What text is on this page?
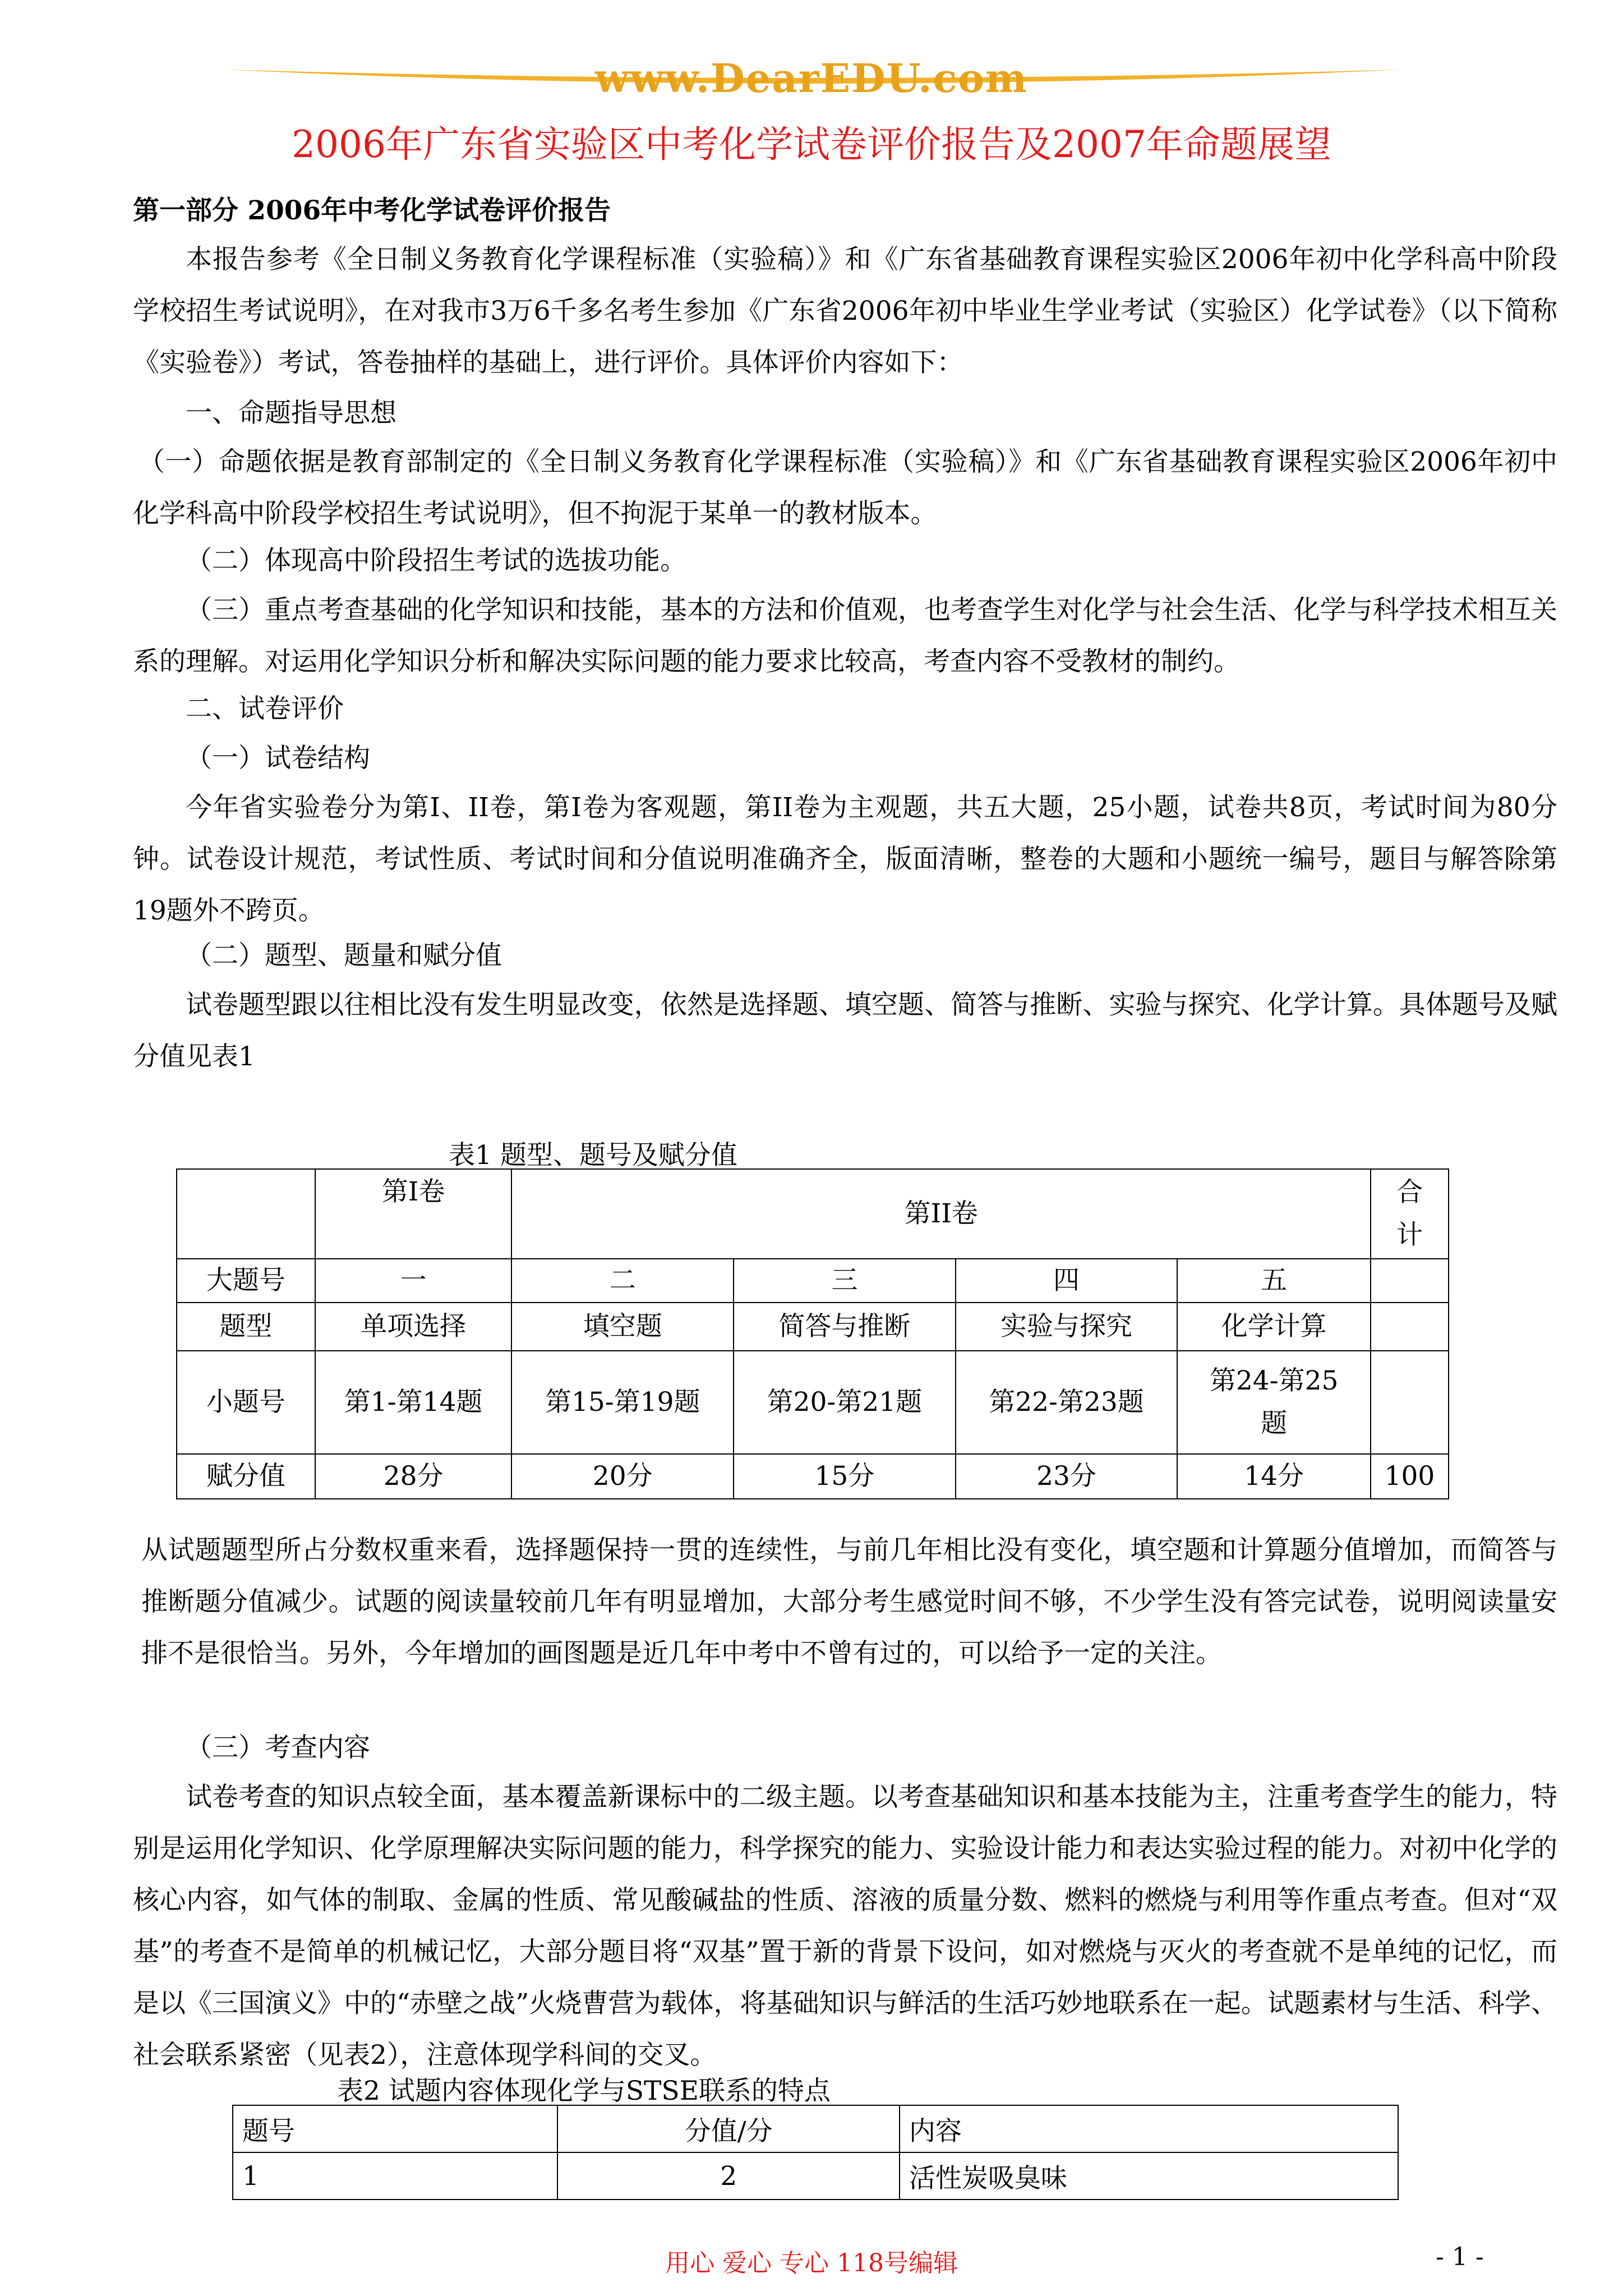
www.DearEDU.com
2006年广东省实验区中考化学试卷评价报告及2007年命题展望
第一部分 2006年中考化学试卷评价报告
本报告参考《全日制义务教育化学课程标准（实验稿）》和《广东省基础教育课程实验区2006年初中化学科高中阶段学校招生考试说明》，在对我市3万6千多名考生参加《广东省2006年初中毕业生学业考试（实验区）化学试卷》（以下简称《实验卷》）考试，答卷抽样的基础上，进行评价。具体评价内容如下：
一、命题指导思想
（一）命题依据是教育部制定的《全日制义务教育化学课程标准（实验稿）》和《广东省基础教育课程实验区2006年初中化学科高中阶段学校招生考试说明》，但不拘泥于某单一的教材版本。
（二）体现高中阶段招生考试的选拔功能。
（三）重点考查基础的化学知识和技能，基本的方法和价值观，也考查学生对化学与社会生活、化学与科学技术相互关系的理解。对运用化学知识分析和解决实际问题的能力要求比较高，考查内容不受教材的制约。
二、试卷评价
（一）试卷结构
今年省实验卷分为第I、II卷，第I卷为客观题，第II卷为主观题，共五大题，25小题，试卷共8页，考试时间为80分钟。试卷设计规范，考试性质、考试时间和分值说明准确齐全，版面清晰，整卷的大题和小题统一编号，题目与解答除第19题外不跨页。
（二）题型、题量和赋分值
试卷题型跟以往相比没有发生明显改变，依然是选择题、填空题、简答与推断、实验与探究、化学计算。具体题号及赋分值见表1
表1 题型、题号及赋分值
	第I卷	第II卷				合
计
大题号	一	二	三	四	五	
题型	单项选择	填空题	简答与推断	实验与探究	化学计算	
小题号	第1-第14题	第15-第19题	第20-第21题	第22-第23题	第24-第25
题	
赋分值	28分	20分	15分	23分	14分	100
从试题题型所占分数权重来看，选择题保持一贯的连续性，与前几年相比没有变化，填空题和计算题分值增加，而简答与推断题分值减少。试题的阅读量较前几年有明显增加，大部分考生感觉时间不够，不少学生没有答完试卷，说明阅读量安排不是很恰当。另外，今年增加的画图题是近几年中考中不曾有过的，可以给予一定的关注。
（三）考查内容
试卷考查的知识点较全面，基本覆盖新课标中的二级主题。以考查基础知识和基本技能为主，注重考查学生的能力，特别是运用化学知识、化学原理解决实际问题的能力，科学探究的能力、实验设计能力和表达实验过程的能力。对初中化学的核心内容，如气体的制取、金属的性质、常见酸碱盐的性质、溶液的质量分数、燃料的燃烧与利用等作重点考查。但对“双基”的考查不是简单的机械记忆，大部分题目将“双基”置于新的背景下设问，如对燃烧与灭火的考查就不是单纯的记忆，而是以《三国演义》中的“赤壁之战”火烧曹营为载体，将基础知识与鲜活的生活巧妙地联系在一起。试题素材与生活、科学、社会联系紧密（见表2），注意体现学科间的交叉。
表2 试题内容体现化学与STSE联系的特点
题号	分值/分	内容
1	2	活性炭吸臭味
用心 爱心 专心 118号编辑	- 1 -
